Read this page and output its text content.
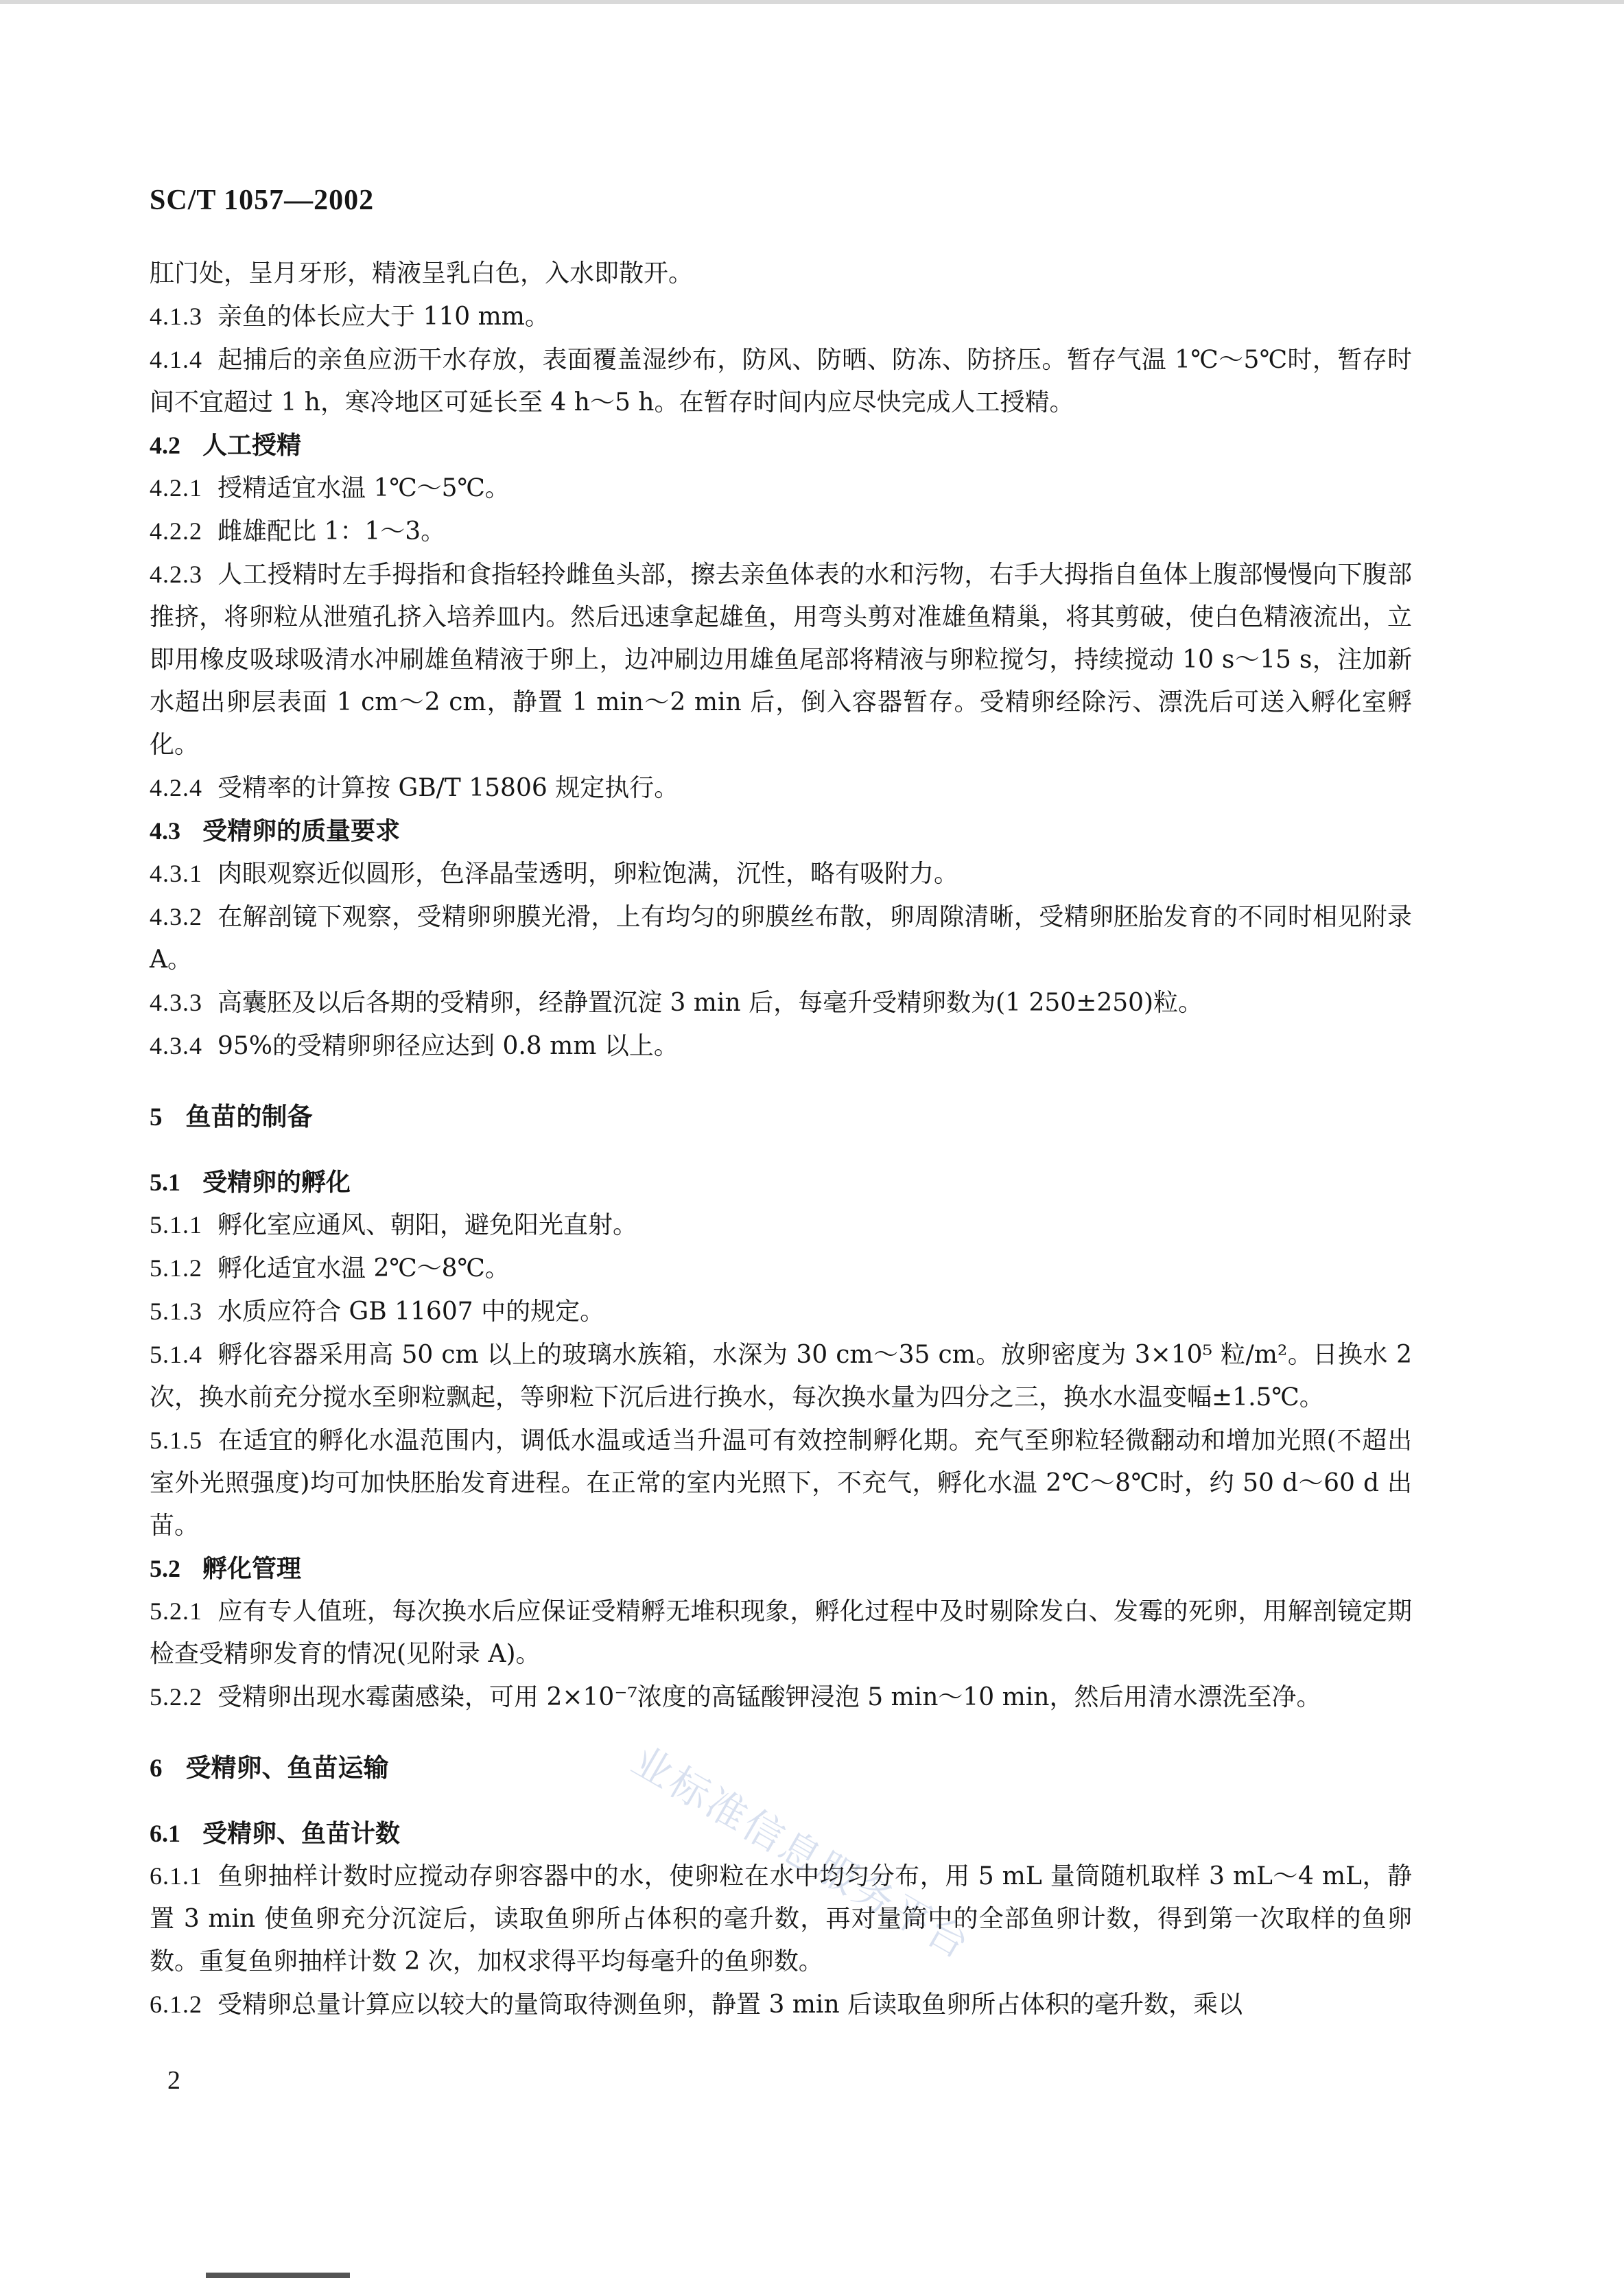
SC/T 1057—2002
业标准信息服务平台

肛门处，呈月牙形，精液呈乳白色，入水即散开。

4.1.3 亲鱼的体长应大于 110 mm。

4.1.4 起捕后的亲鱼应沥干水存放，表面覆盖湿纱布，防风、防晒、防冻、防挤压。暂存气温 1℃～5℃时，暂存时间不宜超过 1 h，寒冷地区可延长至 4 h～5 h。在暂存时间内应尽快完成人工授精。

4.2 人工授精

4.2.1 授精适宜水温 1℃～5℃。

4.2.2 雌雄配比 1：1～3。

4.2.3 人工授精时左手拇指和食指轻拎雌鱼头部，擦去亲鱼体表的水和污物，右手大拇指自鱼体上腹部慢慢向下腹部推挤，将卵粒从泄殖孔挤入培养皿内。然后迅速拿起雄鱼，用弯头剪对准雄鱼精巢，将其剪破，使白色精液流出，立即用橡皮吸球吸清水冲刷雄鱼精液于卵上，边冲刷边用雄鱼尾部将精液与卵粒搅匀，持续搅动 10 s～15 s，注加新水超出卵层表面 1 cm～2 cm，静置 1 min～2 min 后，倒入容器暂存。受精卵经除污、漂洗后可送入孵化室孵化。

4.2.4 受精率的计算按 GB/T 15806 规定执行。

4.3 受精卵的质量要求

4.3.1 肉眼观察近似圆形，色泽晶莹透明，卵粒饱满，沉性，略有吸附力。

4.3.2 在解剖镜下观察，受精卵卵膜光滑，上有均匀的卵膜丝布散，卵周隙清晰，受精卵胚胎发育的不同时相见附录 A。

4.3.3 高囊胚及以后各期的受精卵，经静置沉淀 3 min 后，每毫升受精卵数为(1 250±250)粒。

4.3.4 95%的受精卵卵径应达到 0.8 mm 以上。

5 鱼苗的制备

5.1 受精卵的孵化

5.1.1 孵化室应通风、朝阳，避免阳光直射。

5.1.2 孵化适宜水温 2℃～8℃。

5.1.3 水质应符合 GB 11607 中的规定。

5.1.4 孵化容器采用高 50 cm 以上的玻璃水族箱，水深为 30 cm～35 cm。放卵密度为 3×10⁵ 粒/m²。日换水 2 次，换水前充分搅水至卵粒飘起，等卵粒下沉后进行换水，每次换水量为四分之三，换水水温变幅±1.5℃。

5.1.5 在适宜的孵化水温范围内，调低水温或适当升温可有效控制孵化期。充气至卵粒轻微翻动和增加光照(不超出室外光照强度)均可加快胚胎发育进程。在正常的室内光照下，不充气，孵化水温 2℃～8℃时，约 50 d～60 d 出苗。

5.2 孵化管理

5.2.1 应有专人值班，每次换水后应保证受精孵无堆积现象，孵化过程中及时剔除发白、发霉的死卵，用解剖镜定期检查受精卵发育的情况(见附录 A)。

5.2.2 受精卵出现水霉菌感染，可用 2×10⁻⁷浓度的高锰酸钾浸泡 5 min～10 min，然后用清水漂洗至净。

6 受精卵、鱼苗运输

6.1 受精卵、鱼苗计数

6.1.1 鱼卵抽样计数时应搅动存卵容器中的水，使卵粒在水中均匀分布，用 5 mL 量筒随机取样 3 mL～4 mL，静置 3 min 使鱼卵充分沉淀后，读取鱼卵所占体积的毫升数，再对量筒中的全部鱼卵计数，得到第一次取样的鱼卵数。重复鱼卵抽样计数 2 次，加权求得平均每毫升的鱼卵数。

6.1.2 受精卵总量计算应以较大的量筒取待测鱼卵，静置 3 min 后读取鱼卵所占体积的毫升数，乘以

2
